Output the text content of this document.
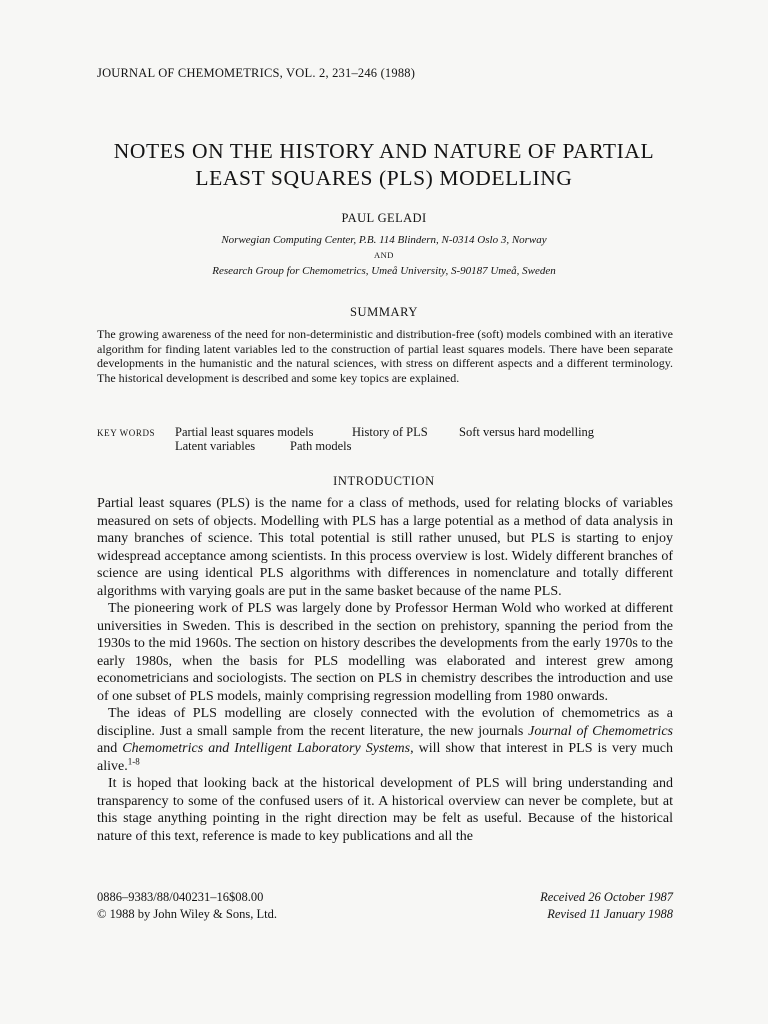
JOURNAL OF CHEMOMETRICS, VOL. 2, 231–246 (1988)
NOTES ON THE HISTORY AND NATURE OF PARTIAL
LEAST SQUARES (PLS) MODELLING
PAUL GELADI
Norwegian Computing Center, P.B. 114 Blindern, N-0314 Oslo 3, Norway
AND
Research Group for Chemometrics, Umeå University, S-90187 Umeå, Sweden
SUMMARY
The growing awareness of the need for non-deterministic and distribution-free (soft) models combined with an iterative algorithm for finding latent variables led to the construction of partial least squares models. There have been separate developments in the humanistic and the natural sciences, with stress on different aspects and a different terminology. The historical development is described and some key topics are explained.
KEY WORDS Partial least squares models	History of PLS	Soft versus hard modelling
Latent variables	Path models
INTRODUCTION

Partial least squares (PLS) is the name for a class of methods, used for relating blocks of variables measured on sets of objects. Modelling with PLS has a large potential as a method of data analysis in many branches of science. This total potential is still rather unused, but PLS is starting to enjoy widespread acceptance among scientists. In this process overview is lost. Widely different branches of science are using identical PLS algorithms with differences in nomenclature and totally different algorithms with varying goals are put in the same basket because of the name PLS.

The pioneering work of PLS was largely done by Professor Herman Wold who worked at different universities in Sweden. This is described in the section on prehistory, spanning the period from the 1930s to the mid 1960s. The section on history describes the developments from the early 1970s to the early 1980s, when the basis for PLS modelling was elaborated and interest grew among econometricians and sociologists. The section on PLS in chemistry describes the introduction and use of one subset of PLS models, mainly comprising regression modelling from 1980 onwards.

The ideas of PLS modelling are closely connected with the evolution of chemometrics as a discipline. Just a small sample from the recent literature, the new journals Journal of Chemometrics and Chemometrics and Intelligent Laboratory Systems, will show that interest in PLS is very much alive.$^{1-8}$

It is hoped that looking back at the historical development of PLS will bring understanding and transparency to some of the confused users of it. A historical overview can never be complete, but at this stage anything pointing in the right direction may be felt as useful. Because of the historical nature of this text, reference is made to key publications and all the

0886–9383/88/040231–16$08.00
© 1988 by John Wiley & Sons, Ltd.
Received 26 October 1987
Revised 11 January 1988
